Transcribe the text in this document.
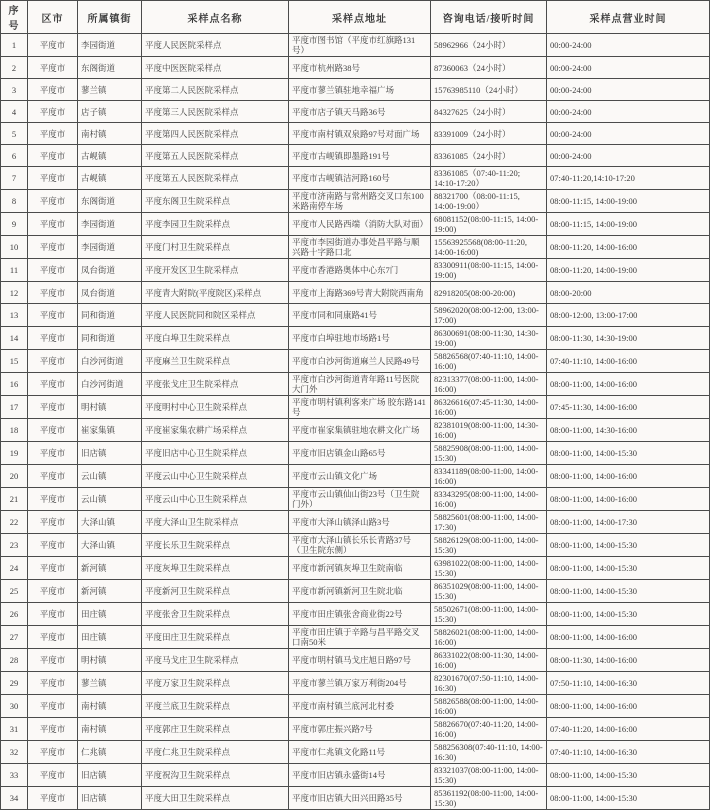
序号	区市	所属镇街	采样点名称	采样点地址	咨询电话/接听时间	采样点营业时间
1	平度市	李园街道	平度人民医院采样点	平度市图书馆（平度市红旗路131号）	58962966（24小时）	00:00-24:00
2	平度市	东阁街道	平度中医医院采样点	平度市杭州路38号	87360063（24小时）	00:00-24:00
3	平度市	蓼兰镇	平度第二人民医院采样点	平度市蓼兰镇驻地幸福广场	15763985110（24小时）	00:00-24:00
4	平度市	店子镇	平度第三人民医院采样点	平度市店子镇天马路36号	84327625（24小时）	00:00-24:00
5	平度市	南村镇	平度第四人民医院采样点	平度市南村镇双泉路97号对面广场	83391009（24小时）	00:00-24:00
6	平度市	古岘镇	平度第五人民医院采样点	平度市古岘镇即墨路191号	83361085（24小时）	00:00-24:00
7	平度市	古岘镇	平度第五人民医院采样点	平度市古岘镇洁河路160号	83361085（07:40-11:20; 14:10-17:20）	07:40-11:20,14:10-17:20
8	平度市	东阁街道	平度东阁卫生院采样点	平度市济南路与常州路交叉口东100米路南停车场	88321700（08:00-11:15, 14:00-19:00）	08:00-11:15, 14:00-19:00
9	平度市	李园街道	平度李园卫生院采样点	平度市人民路西端（消防大队对面）	68081152(08:00-11:15, 14:00-19:00)	08:00-11:15, 14:00-19:00
10	平度市	李园街道	平度门村卫生院采样点	平度市李园街道办事处昌平路与顺兴路十字路口北	15563925568(08:00-11:20, 14:00-16:00)	08:00-11:20, 14:00-16:00
11	平度市	凤台街道	平度开发区卫生院采样点	平度市香港路奥体中心东7门	83300911(08:00-11:15, 14:00-19:00)	08:00-11:20, 14:00-19:00
12	平度市	凤台街道	平度青大附院(平度院区)采样点	平度市上海路369号青大附院西南角	82918205(08:00-20:00)	08:00-20:00
13	平度市	同和街道	平度人民医院同和院区采样点	平度市同和同康路41号	58962020(08:00-12:00, 13:00-17:00)	08:00-12:00, 13:00-17:00
14	平度市	同和街道	平度白埠卫生院采样点	平度市白埠驻地市场路1号	86300691(08:00-11:30, 14:30-19:00)	08:00-11:30, 14:30-19:00
15	平度市	白沙河街道	平度麻兰卫生院采样点	平度市白沙河街道麻兰人民路49号	58826568(07:40-11:10, 14:00-16:00)	07:40-11:10, 14:00-16:00
16	平度市	白沙河街道	平度张戈庄卫生院采样点	平度市白沙河街道青年路11号医院大门外	82313377(08:00-11:00, 14:00-16:00)	08:00-11:00, 14:00-16:00
17	平度市	明村镇	平度明村中心卫生院采样点	平度市明村镇利客来广场 胶东路141号	86326616(07:45-11:30, 14:00-16:00)	07:45-11:30, 14:00-16:00
18	平度市	崔家集镇	平度崔家集农耕广场采样点	平度市崔家集镇驻地农耕文化广场	82381019(08:00-11:00, 14:30-16:00)	08:00-11:00, 14:30-16:00
19	平度市	旧店镇	平度旧店中心卫生院采样点	平度市旧店镇金山路65号	58825908(08:00-11:00, 14:00-15:30)	08:00-11:00, 14:00-15:30
20	平度市	云山镇	平度云山中心卫生院采样点	平度市云山镇文化广场	83341189(08:00-11:00, 14:00-16:00)	08:00-11:00, 14:00-16:00
21	平度市	云山镇	平度云山中心卫生院采样点	平度市云山镇仙山街23号（卫生院门外）	83343295(08:00-11:00, 14:00-16:00)	08:00-11:00, 14:00-16:00
22	平度市	大泽山镇	平度大泽山卫生院采样点	平度市大泽山镇泽山路3号	58825601(08:00-11:00, 14:00-17:30)	08:00-11:00, 14:00-17:30
23	平度市	大泽山镇	平度长乐卫生院采样点	平度市大泽山镇长乐长青路37号（卫生院东侧）	58826129(08:00-11:00, 14:00-15:30)	08:00-11:00, 14:00-15:30
24	平度市	新河镇	平度灰埠卫生院采样点	平度市新河镇灰埠卫生院南临	63981022(08:00-11:00, 14:00-15:30)	08:00-11:00, 14:00-15:30
25	平度市	新河镇	平度新河卫生院采样点	平度市新河镇新河卫生院北临	86351029(08:00-11:00, 14:00-15:30)	08:00-11:00, 14:00-15:30
26	平度市	田庄镇	平度张舍卫生院采样点	平度市田庄镇张舍商业街22号	58502671(08:00-11:00, 14:00-15:30)	08:00-11:00, 14:00-15:30
27	平度市	田庄镇	平度田庄卫生院采样点	平度市田庄镇于辛路与昌平路交叉口南50米	58826021(08:00-11:00, 14:00-16:00)	08:00-11:00, 14:00-16:00
28	平度市	明村镇	平度马戈庄卫生院采样点	平度市明村镇马戈庄旭日路97号	86331022(08:00-11:30, 14:00-16:00)	08:00-11:30, 14:00-16:00
29	平度市	蓼兰镇	平度万家卫生院采样点	平度市蓼兰镇万家万利街204号	82301670(07:50-11:10, 14:00-16:30)	07:50-11:10, 14:00-16:30
30	平度市	南村镇	平度兰底卫生院采样点	平度市南村镇兰底河北村委	58826588(08:00-11:00, 14:00-16:00)	08:00-11:00, 14:00-16:00
31	平度市	南村镇	平度郭庄卫生院采样点	平度市郭庄振兴路7号	58826670(07:40-11:20, 14:00-16:00)	07:40-11:20, 14:00-16:00
32	平度市	仁兆镇	平度仁兆卫生院采样点	平度市仁兆镇文化路11号	588256308(07:40-11:10, 14:00-16:30)	07:40-11:10, 14:00-16:30
33	平度市	旧店镇	平度祝沟卫生院采样点	平度市旧店镇永盛街14号	83321037(08:00-11:00, 14:00-15:30)	08:00-11:00, 14:00-15:30
34	平度市	旧店镇	平度大田卫生院采样点	平度市旧店镇大田兴田路35号	85361192(08:00-11:00, 14:00-15:30)	08:00-11:00, 14:00-15:30
